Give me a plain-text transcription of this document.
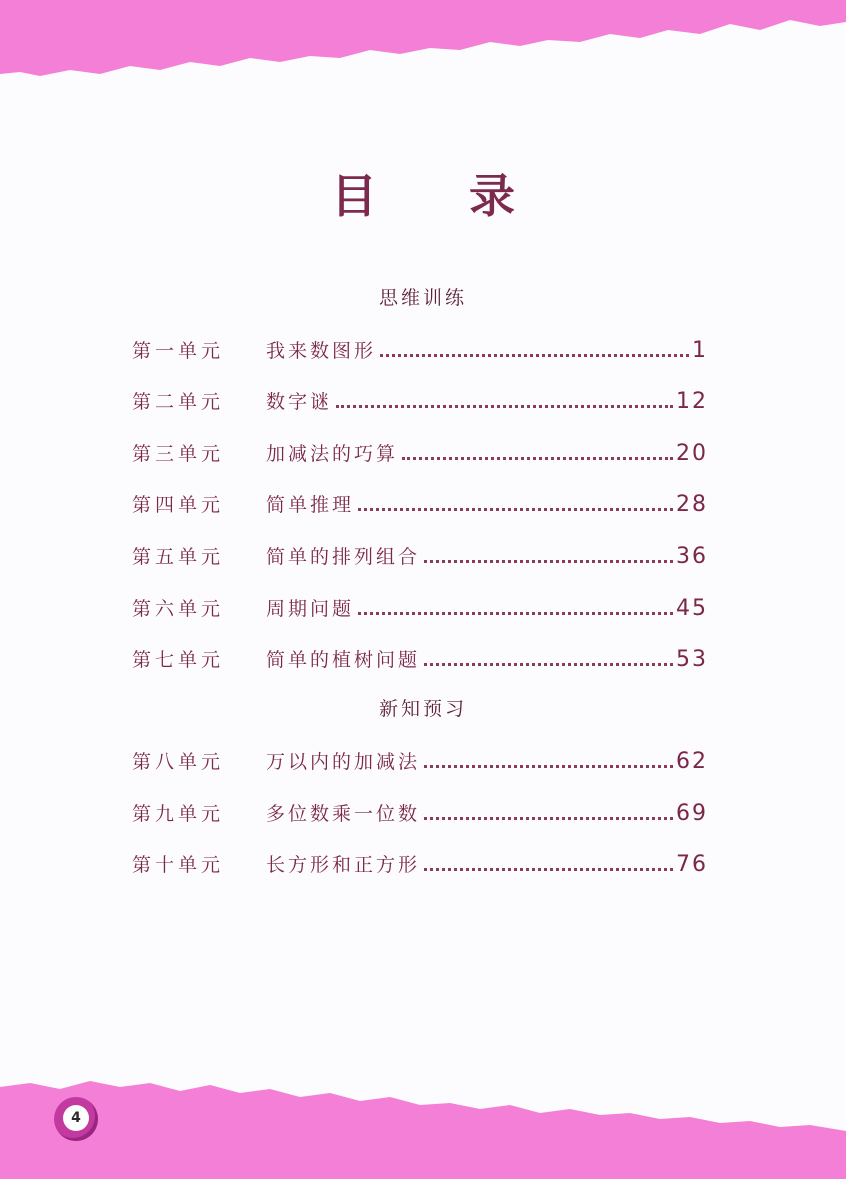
目 录
思维训练
第一单元	我来数图形	1
第二单元	数字谜	12
第三单元	加减法的巧算	20
第四单元	简单推理	28
第五单元	简单的排列组合	36
第六单元	周期问题	45
第七单元	简单的植树问题	53
新知预习
第八单元	万以内的加减法	62
第九单元	多位数乘一位数	69
第十单元	长方形和正方形	76
4
